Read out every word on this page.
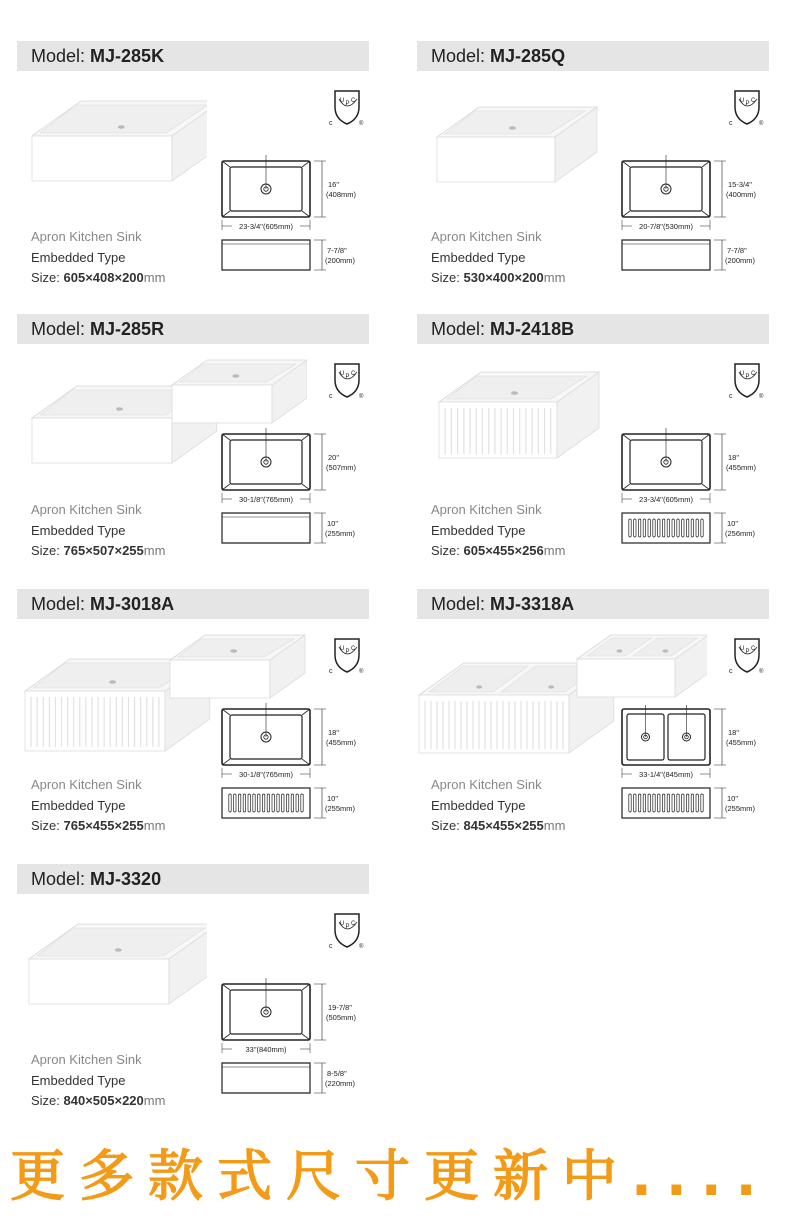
Model: MJ-285K
U P C
c	®
Apron Kitchen Sink
Embedded Type
Size: 605×408×200mm
16"
(408mm)
23-3/4"(605mm)
7-7/8"
(200mm)
Model: MJ-285Q
U P C
c	®
Apron Kitchen Sink
Embedded Type
Size: 530×400×200mm
15-3/4"
(400mm)
20-7/8"(530mm)
7-7/8"
(200mm)
Model: MJ-285R
U P C
c	®
Apron Kitchen Sink
Embedded Type
Size: 765×507×255mm
20"
(507mm)
30-1/8"(765mm)
10"
(255mm)
Model: MJ-2418B
U P C
c	®
Apron Kitchen Sink
Embedded Type
Size: 605×455×256mm
18"
(455mm)
23-3/4"(605mm)
10"
(256mm)
Model: MJ-3018A
U P C
c	®
Apron Kitchen Sink
Embedded Type
Size: 765×455×255mm
18"
(455mm)
30-1/8"(765mm)
10"
(255mm)
Model: MJ-3318A
U P C
c	®
Apron Kitchen Sink
Embedded Type
Size: 845×455×255mm
18"
(455mm)
33-1/4"(845mm)
10"
(255mm)
Model: MJ-3320
U P C
c	®
Apron Kitchen Sink
Embedded Type
Size: 840×505×220mm
19-7/8"
(505mm)
33"(840mm)
8-5/8"
(220mm)
更多款式尺寸更新中....
